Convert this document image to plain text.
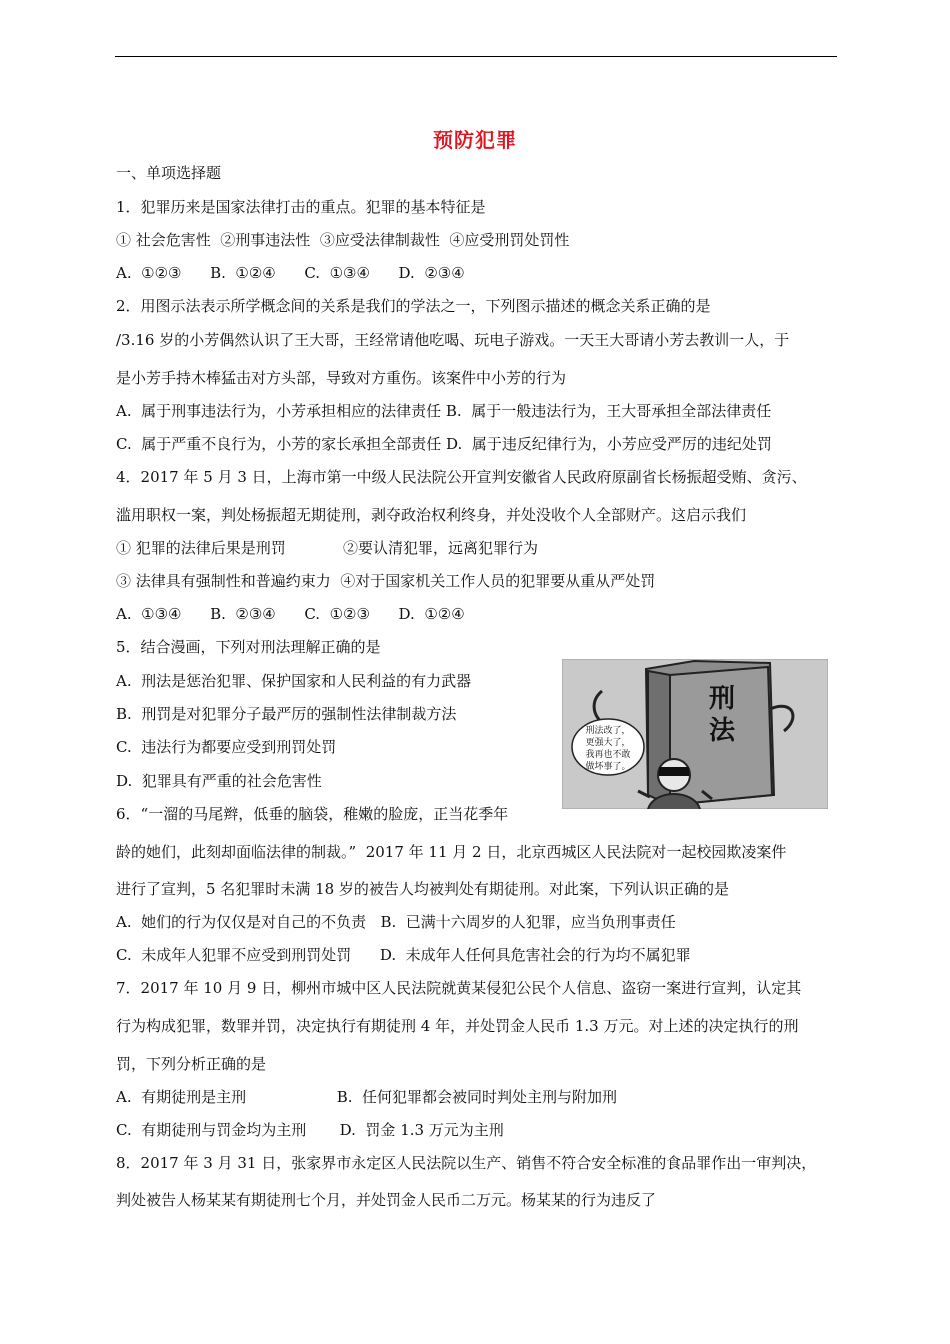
预防犯罪
一、单项选择题
1．犯罪历来是国家法律打击的重点。犯罪的基本特征是
① 社会危害性  ②刑事违法性  ③应受法律制裁性  ④应受刑罚处罚性
A.  ①②③      B.  ①②④      C.  ①③④      D.  ②③④
2．用图示法表示所学概念间的关系是我们的学法之一，下列图示描述的概念关系正确的是
/3.16 岁的小芳偶然认识了王大哥，王经常请他吃喝、玩电子游戏。一天王大哥请小芳去教训一人，于
是小芳手持木棒猛击对方头部，导致对方重伤。该案件中小芳的行为
A.  属于刑事违法行为，小芳承担相应的法律责任 B.  属于一般违法行为，王大哥承担全部法律责任
C.  属于严重不良行为，小芳的家长承担全部责任 D.  属于违反纪律行为，小芳应受严厉的违纪处罚
4．2017 年 5 月 3 日，上海市第一中级人民法院公开宣判安徽省人民政府原副省长杨振超受贿、贪污、
滥用职权一案，判处杨振超无期徒刑，剥夺政治权利终身，并处没收个人全部财产。这启示我们
① 犯罪的法律后果是刑罚            ②要认清犯罪，远离犯罪行为
③ 法律具有强制性和普遍约束力  ④对于国家机关工作人员的犯罪要从重从严处罚
A.  ①③④      B.  ②③④      C.  ①②③      D.  ①②④
5．结合漫画，下列对刑法理解正确的是
A.  刑法是惩治犯罪、保护国家和人民利益的有力武器
B.  刑罚是对犯罪分子最严厉的强制性法律制裁方法
C.  违法行为都要应受到刑罚处罚
D.  犯罪具有严重的社会危害性
6．“一溜的马尾辫，低垂的脑袋，稚嫩的脸庞，正当花季年
龄的她们，此刻却面临法律的制裁。”  2017 年 11 月 2 日，北京西城区人民法院对一起校园欺凌案件
进行了宣判，5 名犯罪时未满 18 岁的被告人均被判处有期徒刑。对此案，下列认识正确的是
A.  她们的行为仅仅是对自己的不负责   B.  已满十六周岁的人犯罪，应当负刑事责任
C.  未成年人犯罪不应受到刑罚处罚      D.  未成年人任何具危害社会的行为均不属犯罪
7．2017 年 10 月 9 日，柳州市城中区人民法院就黄某侵犯公民个人信息、盗窃一案进行宣判，认定其
行为构成犯罪，数罪并罚，决定执行有期徒刑 4 年，并处罚金人民币 1.3 万元。对上述的决定执行的刑
罚，下列分析正确的是
A.  有期徒刑是主刑                   B.  任何犯罪都会被同时判处主刑与附加刑
C.  有期徒刑与罚金均为主刑       D.  罚金 1.3 万元为主刑
8．2017 年 3 月 31 日，张家界市永定区人民法院以生产、销售不符合安全标准的食品罪作出一审判决，
判处被告人杨某某有期徒刑七个月，并处罚金人民币二万元。杨某某的行为违反了
刑
法
刑法改了，
更强大了，
我再也不敢
做坏事了。
